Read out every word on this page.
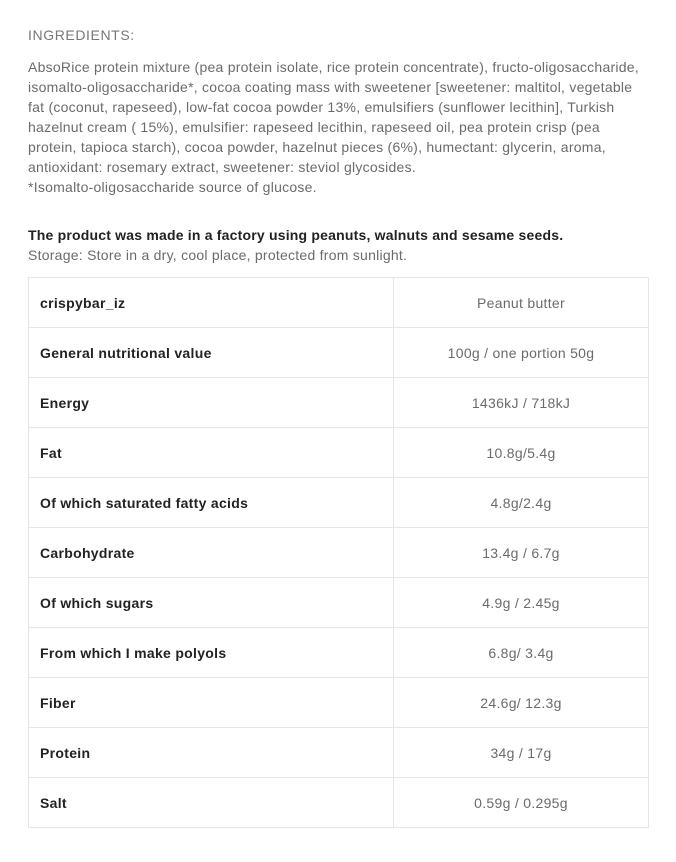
INGREDIENTS:

AbsoRice protein mixture (pea protein isolate, rice protein concentrate), fructo-oligosaccharide, isomalto-oligosaccharide*, cocoa coating mass with sweetener [sweetener: maltitol, vegetable fat (coconut, rapeseed), low-fat cocoa powder 13%, emulsifiers (sunflower lecithin], Turkish hazelnut cream ( 15%), emulsifier: rapeseed lecithin, rapeseed oil, pea protein crisp (pea protein, tapioca starch), cocoa powder, hazelnut pieces (6%), humectant: glycerin, aroma, antioxidant: rosemary extract, sweetener: steviol glycosides.

*Isomalto-oligosaccharide source of glucose.

The product was made in a factory using peanuts, walnuts and sesame seeds.
Storage: Store in a dry, cool place, protected from sunlight.
crispybar_iz	Peanut butter
General nutritional value	100g / one portion 50g
Energy	1436kJ / 718kJ
Fat	10.8g/5.4g
Of which saturated fatty acids	4.8g/2.4g
Carbohydrate	13.4g / 6.7g
Of which sugars	4.9g / 2.45g
From which I make polyols	6.8g/ 3.4g
Fiber	24.6g/ 12.3g
Protein	34g / 17g
Salt	0.59g / 0.295g
